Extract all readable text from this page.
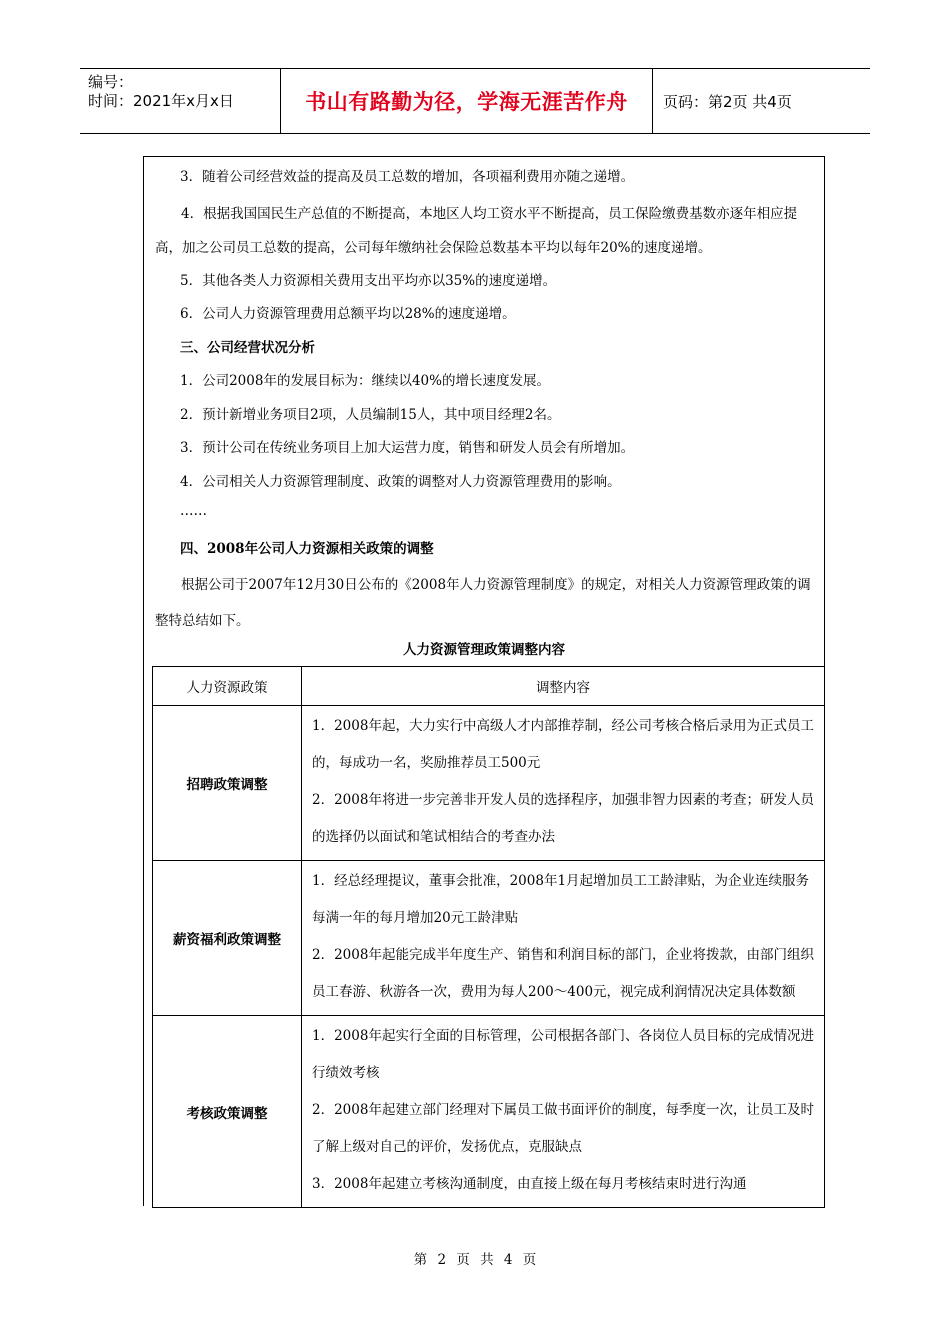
编号：
时间：2021年x月x日	书山有路勤为径，学海无涯苦作舟	页码：第2页 共4页
3．随着公司经营效益的提高及员工总数的增加，各项福利费用亦随之递增。
4．根据我国国民生产总值的不断提高，本地区人均工资水平不断提高，员工保险缴费基数亦逐年相应提高，加之公司员工总数的提高，公司每年缴纳社会保险总数基本平均以每年20%的速度递增。
5．其他各类人力资源相关费用支出平均亦以35%的速度递增。
6．公司人力资源管理费用总额平均以28%的速度递增。
三、公司经营状况分析
1．公司2008年的发展目标为：继续以40%的增长速度发展。
2．预计新增业务项目2项，人员编制15人，其中项目经理2名。
3．预计公司在传统业务项目上加大运营力度，销售和研发人员会有所增加。
4．公司相关人力资源管理制度、政策的调整对人力资源管理费用的影响。
……
四、2008年公司人力资源相关政策的调整
根据公司于2007年12月30日公布的《2008年人力资源管理制度》的规定，对相关人力资源管理政策的调整特总结如下。
人力资源管理政策调整内容
人力资源政策	调整内容
招聘政策调整	1．2008年起，大力实行中高级人才内部推荐制，经公司考核合格后录用为正式员工的，每成功一名，奖励推荐员工500元
2．2008年将进一步完善非开发人员的选择程序，加强非智力因素的考查；研发人员的选择仍以面试和笔试相结合的考查办法

薪资福利政策调整	1．经总经理提议，董事会批准，2008年1月起增加员工工龄津贴，为企业连续服务每满一年的每月增加20元工龄津贴
2．2008年起能完成半年度生产、销售和利润目标的部门，企业将拨款，由部门组织员工春游、秋游各一次，费用为每人200～400元，视完成利润情况决定具体数额

考核政策调整	1．2008年起实行全面的目标管理，公司根据各部门、各岗位人员目标的完成情况进行绩效考核
2．2008年起建立部门经理对下属员工做书面评价的制度，每季度一次，让员工及时了解上级对自己的评价，发扬优点，克服缺点
3．2008年起建立考核沟通制度，由直接上级在每月考核结束时进行沟通
第 2 页 共 4 页
